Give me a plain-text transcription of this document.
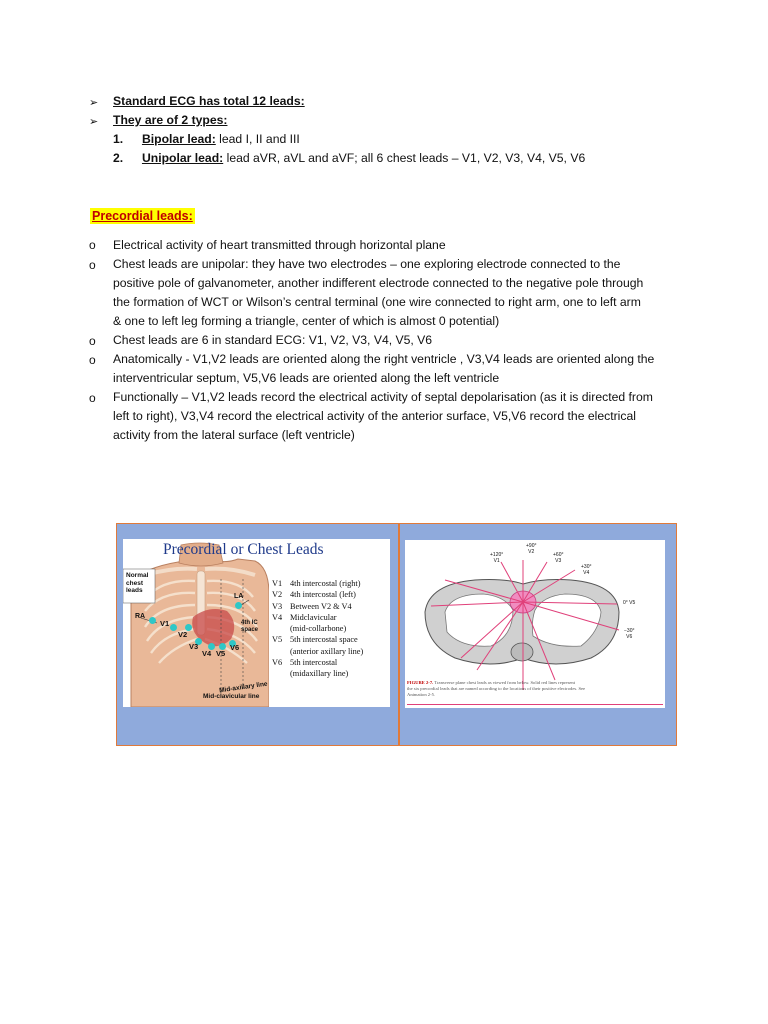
➢ Standard ECG has total 12 leads:
➢ They are of 2 types:
1. Bipolar lead: lead I, II and III
2. Unipolar lead: lead aVR, aVL and aVF; all 6 chest leads – V1, V2, V3, V4, V5, V6
Precordial leads:
o Electrical activity of heart transmitted through horizontal plane
o Chest leads are unipolar: they have two electrodes – one exploring electrode connected to the
positive pole of galvanometer, another indifferent electrode connected to the negative pole through
the formation of WCT or Wilson’s central terminal (one wire connected to right arm, one to left arm
& one to left leg forming a triangle, center of which is almost 0 potential)
o Chest leads are 6 in standard ECG: V1, V2, V3, V4, V5, V6
o Anatomically - V1,V2 leads are oriented along the right ventricle , V3,V4 leads are oriented along the
interventricular septum, V5,V6 leads are oriented along the left ventricle
o Functionally – V1,V2 leads record the electrical activity of septal depolarisation (as it is directed from
left to right), V3,V4 record the electrical activity of the anterior surface, V5,V6 record the electrical
activity from the lateral surface (left ventricle)
Precordial or Chest Leads
Normal
chest
leads
RA
LA
4th IC
space
V1
V2
V3
V4 V5
V6
Mid-axillary line
Mid-clavicular line
V1 4th intercostal (right)
V2 4th intercostal (left)
V3 Between V2 & V4
V4 Midclavicular
(mid-collarbone)
V5 5th intercostal space
(anterior axillary line)
V6 5th intercostal
(midaxillary line)
+90°
V2
+120°
V1
+60°
V3
+30°
V4
0° V5
−30°
V6
FIGURE 2-7. Transverse plane chest leads as viewed from below. Solid red lines represent
the six precordial leads that are named according to the locations of their positive electrodes. See
Animation 2-5.
